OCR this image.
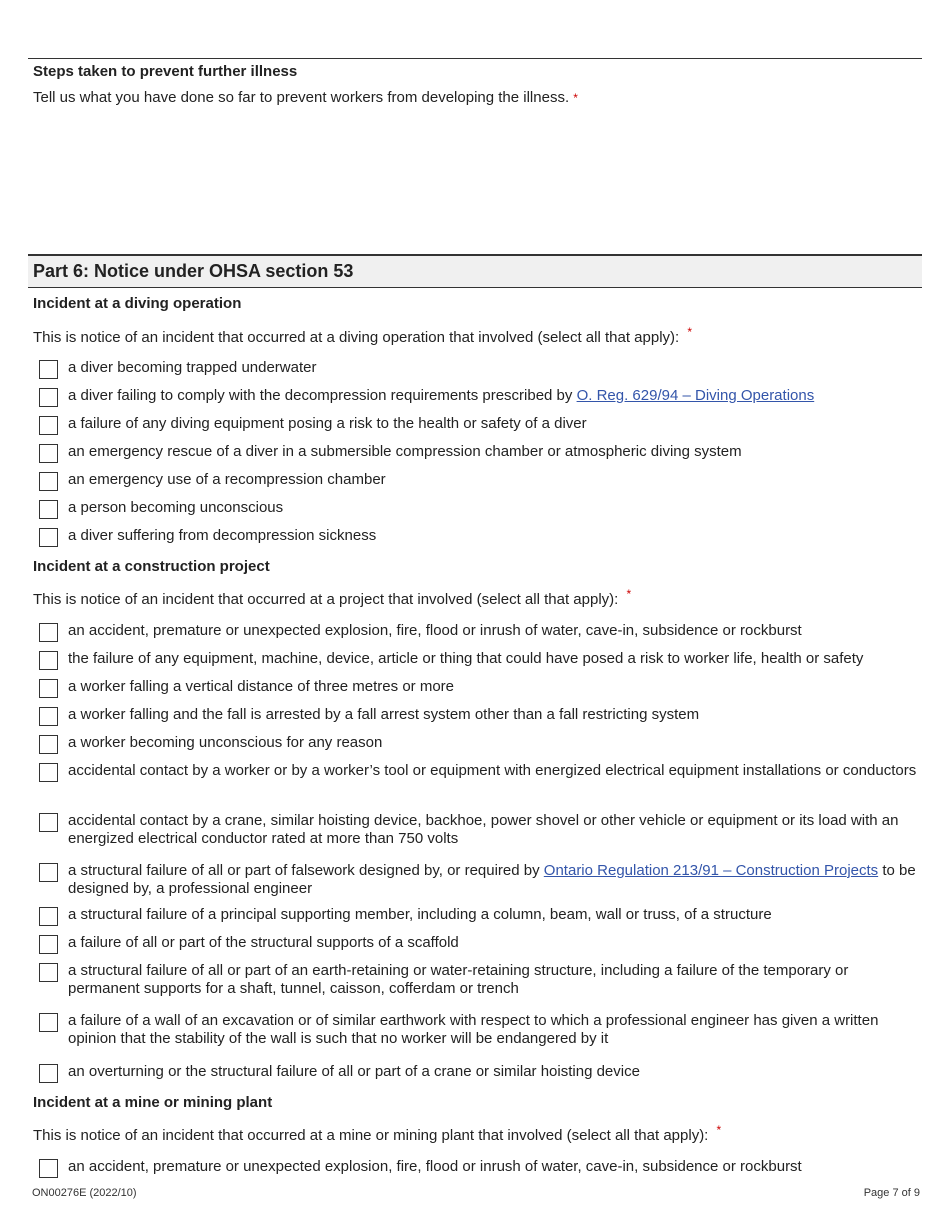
Steps taken to prevent further illness
Tell us what you have done so far to prevent workers from developing the illness. *
Part 6: Notice under OHSA section 53
Incident at a diving operation
This is notice of an incident that occurred at a diving operation that involved (select all that apply): *
a diver becoming trapped underwater
a diver failing to comply with the decompression requirements prescribed by O. Reg. 629/94 – Diving Operations
a failure of any diving equipment posing a risk to the health or safety of a diver
an emergency rescue of a diver in a submersible compression chamber or atmospheric diving system
an emergency use of a recompression chamber
a person becoming unconscious
a diver suffering from decompression sickness
Incident at a construction project
This is notice of an incident that occurred at a project that involved (select all that apply): *
an accident, premature or unexpected explosion, fire, flood or inrush of water, cave-in, subsidence or rockburst
the failure of any equipment, machine, device, article or thing that could have posed a risk to worker life, health or safety
a worker falling a vertical distance of three metres or more
a worker falling and the fall is arrested by a fall arrest system other than a fall restricting system
a worker becoming unconscious for any reason
accidental contact by a worker or by a worker’s tool or equipment with energized electrical equipment installations or conductors
accidental contact by a crane, similar hoisting device, backhoe, power shovel or other vehicle or equipment or its load with an energized electrical conductor rated at more than 750 volts
a structural failure of all or part of falsework designed by, or required by Ontario Regulation 213/91 – Construction Projects to be designed by, a professional engineer
a structural failure of a principal supporting member, including a column, beam, wall or truss, of a structure
a failure of all or part of the structural supports of a scaffold
a structural failure of all or part of an earth-retaining or water-retaining structure, including a failure of the temporary or permanent supports for a shaft, tunnel, caisson, cofferdam or trench
a failure of a wall of an excavation or of similar earthwork with respect to which a professional engineer has given a written opinion that the stability of the wall is such that no worker will be endangered by it
an overturning or the structural failure of all or part of a crane or similar hoisting device
Incident at a mine or mining plant
This is notice of an incident that occurred at a mine or mining plant that involved (select all that apply): *
an accident, premature or unexpected explosion, fire, flood or inrush of water, cave-in, subsidence or rockburst
ON00276E (2022/10)	Page 7 of 9
